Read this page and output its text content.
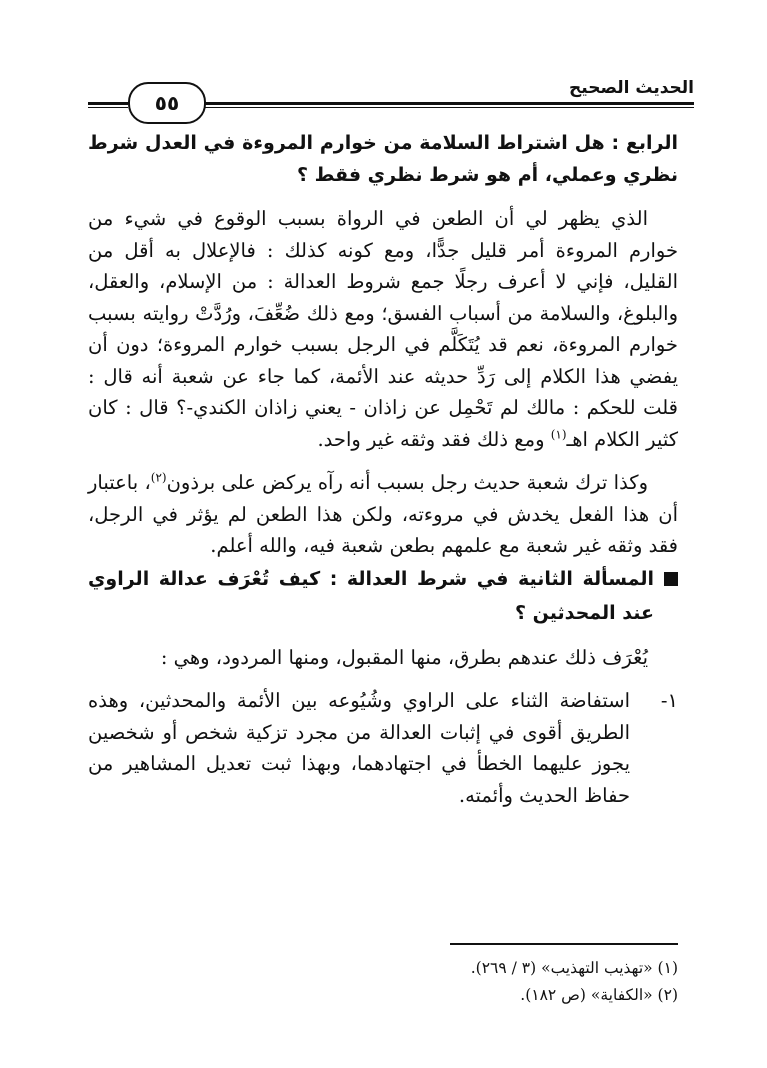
الحديث الصحيح
٥٥

الرابع : هل اشتراط السلامة من خوارم المروءة في العدل شرط نظري وعملي، أم هو شرط نظري فقط ؟

الذي يظهر لي أن الطعن في الرواة بسبب الوقوع في شيء من خوارم المروءة أمر قليل جدًّا، ومع كونه كذلك : فالإعلال به أقل من القليل، فإني لا أعرف رجلًا جمع شروط العدالة : من الإسلام، والعقل، والبلوغ، والسلامة من أسباب الفسق؛ ومع ذلك ضُعِّفَ، ورُدَّتْ روايته بسبب خوارم المروءة، نعم قد يُتَكَلَّم في الرجل بسبب خوارم المروءة؛ دون أن يفضي هذا الكلام إلى رَدِّ حديثه عند الأئمة، كما جاء عن شعبة أنه قال : قلت للحكم : مالك لم تَحْمِل عن زاذان - يعني زاذان الكندي-؟ قال : كان كثير الكلام اهـ$^{(١)}$ ومع ذلك فقد وثقه غير واحد.

وكذا ترك شعبة حديث رجل بسبب أنه رآه يركض على برذون$^{(٢)}$، باعتبار أن هذا الفعل يخدش في مروءته، ولكن هذا الطعن لم يؤثر في الرجل، فقد وثقه غير شعبة مع علمهم بطعن شعبة فيه، والله أعلم.

المسألة الثانية في شرط العدالة : كيف تُعْرَف عدالة الراوي عند المحدثين ؟

يُعْرَف ذلك عندهم بطرق، منها المقبول، ومنها المردود، وهي :

١-

استفاضة الثناء على الراوي وشُيُوعه بين الأئمة والمحدثين، وهذه الطريق أقوى في إثبات العدالة من مجرد تزكية شخص أو شخصين يجوز عليهما الخطأ في اجتهادهما، وبهذا ثبت تعديل المشاهير من حفاظ الحديث وأئمته.

(١) «تهذيب التهذيب» (٣ / ٢٦٩).

(٢) «الكفاية» (ص ١٨٢).
